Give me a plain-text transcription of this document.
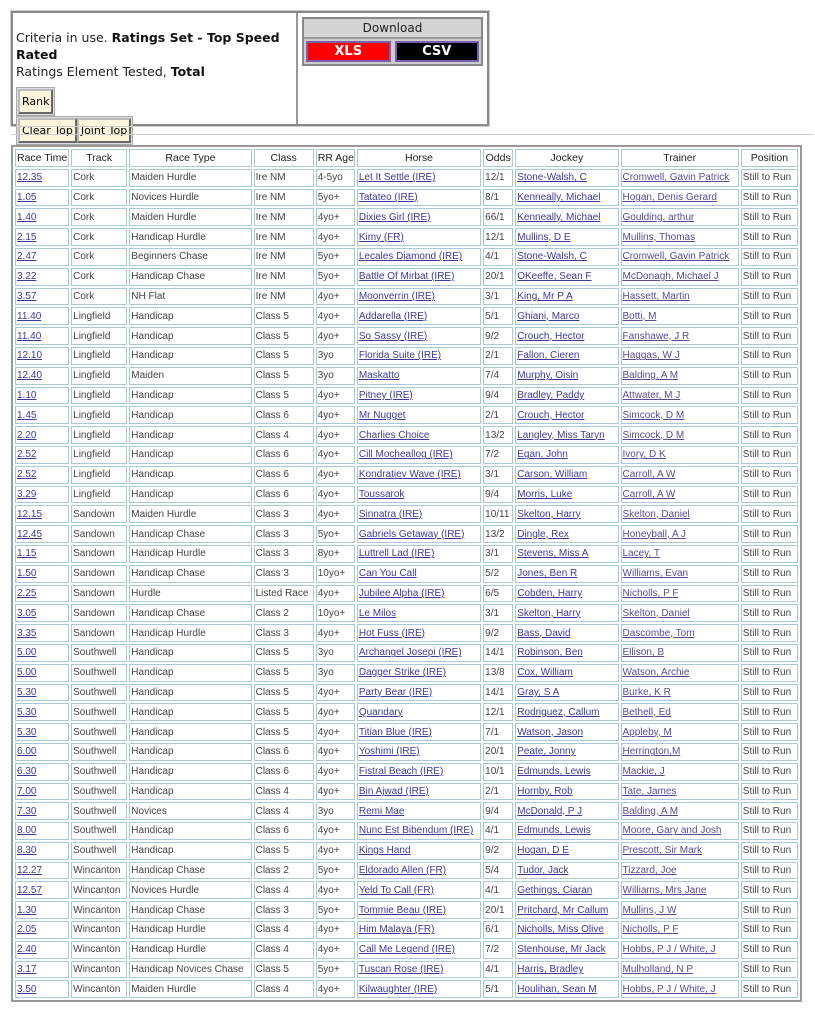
Criteria in use. Ratings Set - Top Speed Rated
Ratings Element Tested, Total
Rank
Clear Top Joint Top
Download
XLS	CSV
Race Time	Track	Race Type	Class	RR Age	Horse	Odds	Jockey	Trainer	Position
12.35	Cork	Maiden Hurdle	Ire NM	4-5yo	Let It Settle (IRE)	12/1	Stone-Walsh, C	Cromwell, Gavin Patrick	Still to Run
1.05	Cork	Novices Hurdle	Ire NM	5yo+	Tatateo (IRE)	8/1	Kenneally, Michael	Hogan, Denis Gerard	Still to Run
1.40	Cork	Maiden Hurdle	Ire NM	4yo+	Dixies Girl (IRE)	66/1	Kenneally, Michael	Goulding, arthur	Still to Run
2.15	Cork	Handicap Hurdle	Ire NM	4yo+	Kimy (FR)	12/1	Mullins, D E	Mullins, Thomas	Still to Run
2.47	Cork	Beginners Chase	Ire NM	5yo+	Lecales Diamond (IRE)	4/1	Stone-Walsh, C	Cromwell, Gavin Patrick	Still to Run
3.22	Cork	Handicap Chase	Ire NM	5yo+	Battle Of Mirbat (IRE)	20/1	OKeeffe, Sean F	McDonagh, Michael J	Still to Run
3.57	Cork	NH Flat	Ire NM	4yo+	Moonverrin (IRE)	3/1	King, Mr P A	Hassett, Martin	Still to Run
11.40	Lingfield	Handicap	Class 5	4yo+	Addarella (IRE)	5/1	Ghiani, Marco	Botti, M	Still to Run
11.40	Lingfield	Handicap	Class 5	4yo+	So Sassy (IRE)	9/2	Crouch, Hector	Fanshawe, J R	Still to Run
12.10	Lingfield	Handicap	Class 5	3yo	Florida Suite (IRE)	2/1	Fallon, Cieren	Haggas, W J	Still to Run
12.40	Lingfield	Maiden	Class 5	3yo	Maskatto	7/4	Murphy, Oisin	Balding, A M	Still to Run
1.10	Lingfield	Handicap	Class 5	4yo+	Pitney (IRE)	9/4	Bradley, Paddy	Attwater, M J	Still to Run
1.45	Lingfield	Handicap	Class 6	4yo+	Mr Nugget	2/1	Crouch, Hector	Simcock, D M	Still to Run
2.20	Lingfield	Handicap	Class 4	4yo+	Charlies Choice	13/2	Langley, Miss Taryn	Simcock, D M	Still to Run
2.52	Lingfield	Handicap	Class 6	4yo+	Cill Mocheallog (IRE)	7/2	Egan, John	Ivory, D K	Still to Run
2.52	Lingfield	Handicap	Class 6	4yo+	Kondratiev Wave (IRE)	3/1	Carson, William	Carroll, A W	Still to Run
3.29	Lingfield	Handicap	Class 6	4yo+	Toussarok	9/4	Morris, Luke	Carroll, A W	Still to Run
12.15	Sandown	Maiden Hurdle	Class 3	4yo+	Sinnatra (IRE)	10/11	Skelton, Harry	Skelton, Daniel	Still to Run
12.45	Sandown	Handicap Chase	Class 3	5yo+	Gabriels Getaway (IRE)	13/2	Dingle, Rex	Honeyball, A J	Still to Run
1.15	Sandown	Handicap Hurdle	Class 3	8yo+	Luttrell Lad (IRE)	3/1	Stevens, Miss A	Lacey, T	Still to Run
1.50	Sandown	Handicap Chase	Class 3	10yo+	Can You Call	5/2	Jones, Ben R	Williams, Evan	Still to Run
2.25	Sandown	Hurdle	Listed Race	4yo+	Jubilee Alpha (IRE)	6/5	Cobden, Harry	Nicholls, P F	Still to Run
3.05	Sandown	Handicap Chase	Class 2	10yo+	Le Milos	3/1	Skelton, Harry	Skelton, Daniel	Still to Run
3.35	Sandown	Handicap Hurdle	Class 3	4yo+	Hot Fuss (IRE)	9/2	Bass, David	Dascombe, Tom	Still to Run
5.00	Southwell	Handicap	Class 5	3yo	Archangel Josepi (IRE)	14/1	Robinson, Ben	Ellison, B	Still to Run
5.00	Southwell	Handicap	Class 5	3yo	Dagger Strike (IRE)	13/8	Cox, William	Watson, Archie	Still to Run
5.30	Southwell	Handicap	Class 5	4yo+	Party Bear (IRE)	14/1	Gray, S A	Burke, K R	Still to Run
5.30	Southwell	Handicap	Class 5	4yo+	Quandary	12/1	Rodriguez, Callum	Bethell, Ed	Still to Run
5.30	Southwell	Handicap	Class 5	4yo+	Titian Blue (IRE)	7/1	Watson, Jason	Appleby, M	Still to Run
6.00	Southwell	Handicap	Class 6	4yo+	Yoshimi (IRE)	20/1	Peate, Jonny	Herrington,M	Still to Run
6.30	Southwell	Handicap	Class 6	4yo+	Fistral Beach (IRE)	10/1	Edmunds, Lewis	Mackie, J	Still to Run
7.00	Southwell	Handicap	Class 4	4yo+	Bin Ajwad (IRE)	2/1	Hornby, Rob	Tate, James	Still to Run
7.30	Southwell	Novices	Class 4	3yo	Remi Mae	9/4	McDonald, P J	Balding, A M	Still to Run
8.00	Southwell	Handicap	Class 6	4yo+	Nunc Est Bibendum (IRE)	4/1	Edmunds, Lewis	Moore, Gary and Josh	Still to Run
8.30	Southwell	Handicap	Class 5	4yo+	Kings Hand	9/2	Hogan, D E	Prescott, Sir Mark	Still to Run
12.27	Wincanton	Handicap Chase	Class 2	5yo+	Eldorado Allen (FR)	5/4	Tudor, Jack	Tizzard, Joe	Still to Run
12.57	Wincanton	Novices Hurdle	Class 4	4yo+	Yeld To Call (FR)	4/1	Gethings, Ciaran	Williams, Mrs Jane	Still to Run
1.30	Wincanton	Handicap Chase	Class 3	5yo+	Tommie Beau (IRE)	20/1	Pritchard, Mr Callum	Mullins, J W	Still to Run
2.05	Wincanton	Handicap Hurdle	Class 4	4yo+	Him Malaya (FR)	6/1	Nicholls, Miss Olive	Nicholls, P F	Still to Run
2.40	Wincanton	Handicap Hurdle	Class 4	4yo+	Call Me Legend (IRE)	7/2	Stenhouse, Mr Jack	Hobbs, P J / White, J	Still to Run
3.17	Wincanton	Handicap Novices Chase	Class 5	5yo+	Tuscan Rose (IRE)	4/1	Harris, Bradley	Mulholland, N P	Still to Run
3.50	Wincanton	Maiden Hurdle	Class 4	4yo+	Kilwaughter (IRE)	5/1	Houlihan, Sean M	Hobbs, P J / White, J	Still to Run
